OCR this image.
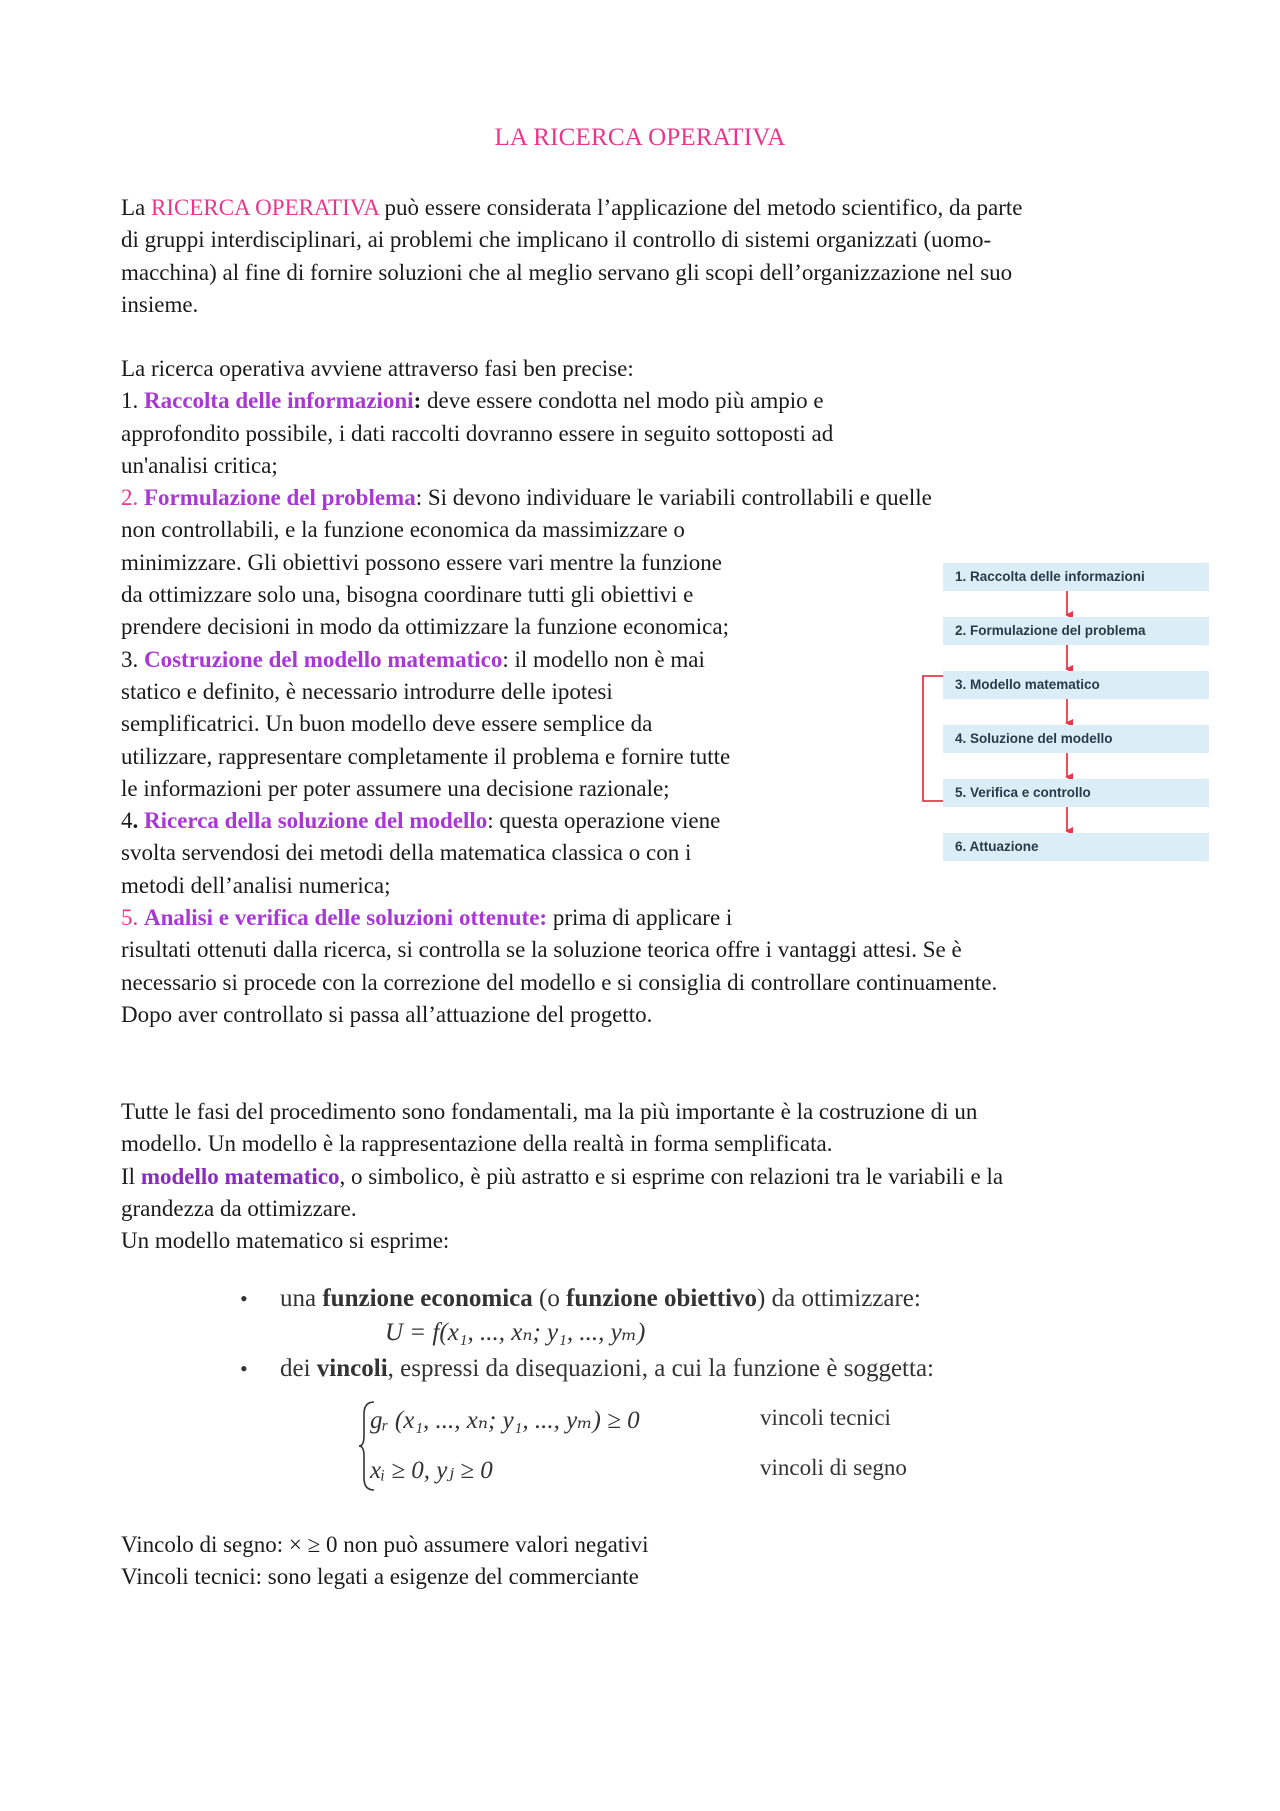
LA RICERCA OPERATIVA
La RICERCA OPERATIVA può essere considerata l’applicazione del metodo scientifico, da parte
di gruppi interdisciplinari, ai problemi che implicano il controllo di sistemi organizzati (uomo-
macchina) al fine di fornire soluzioni che al meglio servano gli scopi dell’organizzazione nel suo
insieme.
La ricerca operativa avviene attraverso fasi ben precise:
1. Raccolta delle informazioni: deve essere condotta nel modo più ampio e
approfondito possibile, i dati raccolti dovranno essere in seguito sottoposti ad
un'analisi critica;
2. Formulazione del problema: Si devono individuare le variabili controllabili e quelle
non controllabili, e la funzione economica da massimizzare o
minimizzare. Gli obiettivi possono essere vari mentre la funzione
da ottimizzare solo una, bisogna coordinare tutti gli obiettivi e
prendere decisioni in modo da ottimizzare la funzione economica;
3. Costruzione del modello matematico: il modello non è mai
statico e definito, è necessario introdurre delle ipotesi
semplificatrici. Un buon modello deve essere semplice da
utilizzare, rappresentare completamente il problema e fornire tutte
le informazioni per poter assumere una decisione razionale;
4. Ricerca della soluzione del modello: questa operazione viene
svolta servendosi dei metodi della matematica classica o con i
metodi dell’analisi numerica;
5. Analisi e verifica delle soluzioni ottenute: prima di applicare i
risultati ottenuti dalla ricerca, si controlla se la soluzione teorica offre i vantaggi attesi. Se è
necessario si procede con la correzione del modello e si consiglia di controllare continuamente.
Dopo aver controllato si passa all’attuazione del progetto.
1. Raccolta delle informazioni
2. Formulazione del problema
3. Modello matematico
4. Soluzione del modello
5. Verifica e controllo
6. Attuazione
Tutte le fasi del procedimento sono fondamentali, ma la più importante è la costruzione di un
modello. Un modello è la rappresentazione della realtà in forma semplificata.
Il modello matematico, o simbolico, è più astratto e si esprime con relazioni tra le variabili e la
grandezza da ottimizzare.
Un modello matematico si esprime:
• una funzione economica (o funzione obiettivo) da ottimizzare:
U = f(x₁, ..., xₙ; y₁, ..., yₘ)
• dei vincoli, espressi da disequazioni, a cui la funzione è soggetta:
gᵣ (x₁, ..., xₙ; y₁, ..., yₘ) ≥ 0	vincoli tecnici
xᵢ ≥ 0, yⱼ ≥ 0	vincoli di segno
Vincolo di segno: × ≥ 0 non può assumere valori negativi
Vincoli tecnici: sono legati a esigenze del commerciante
